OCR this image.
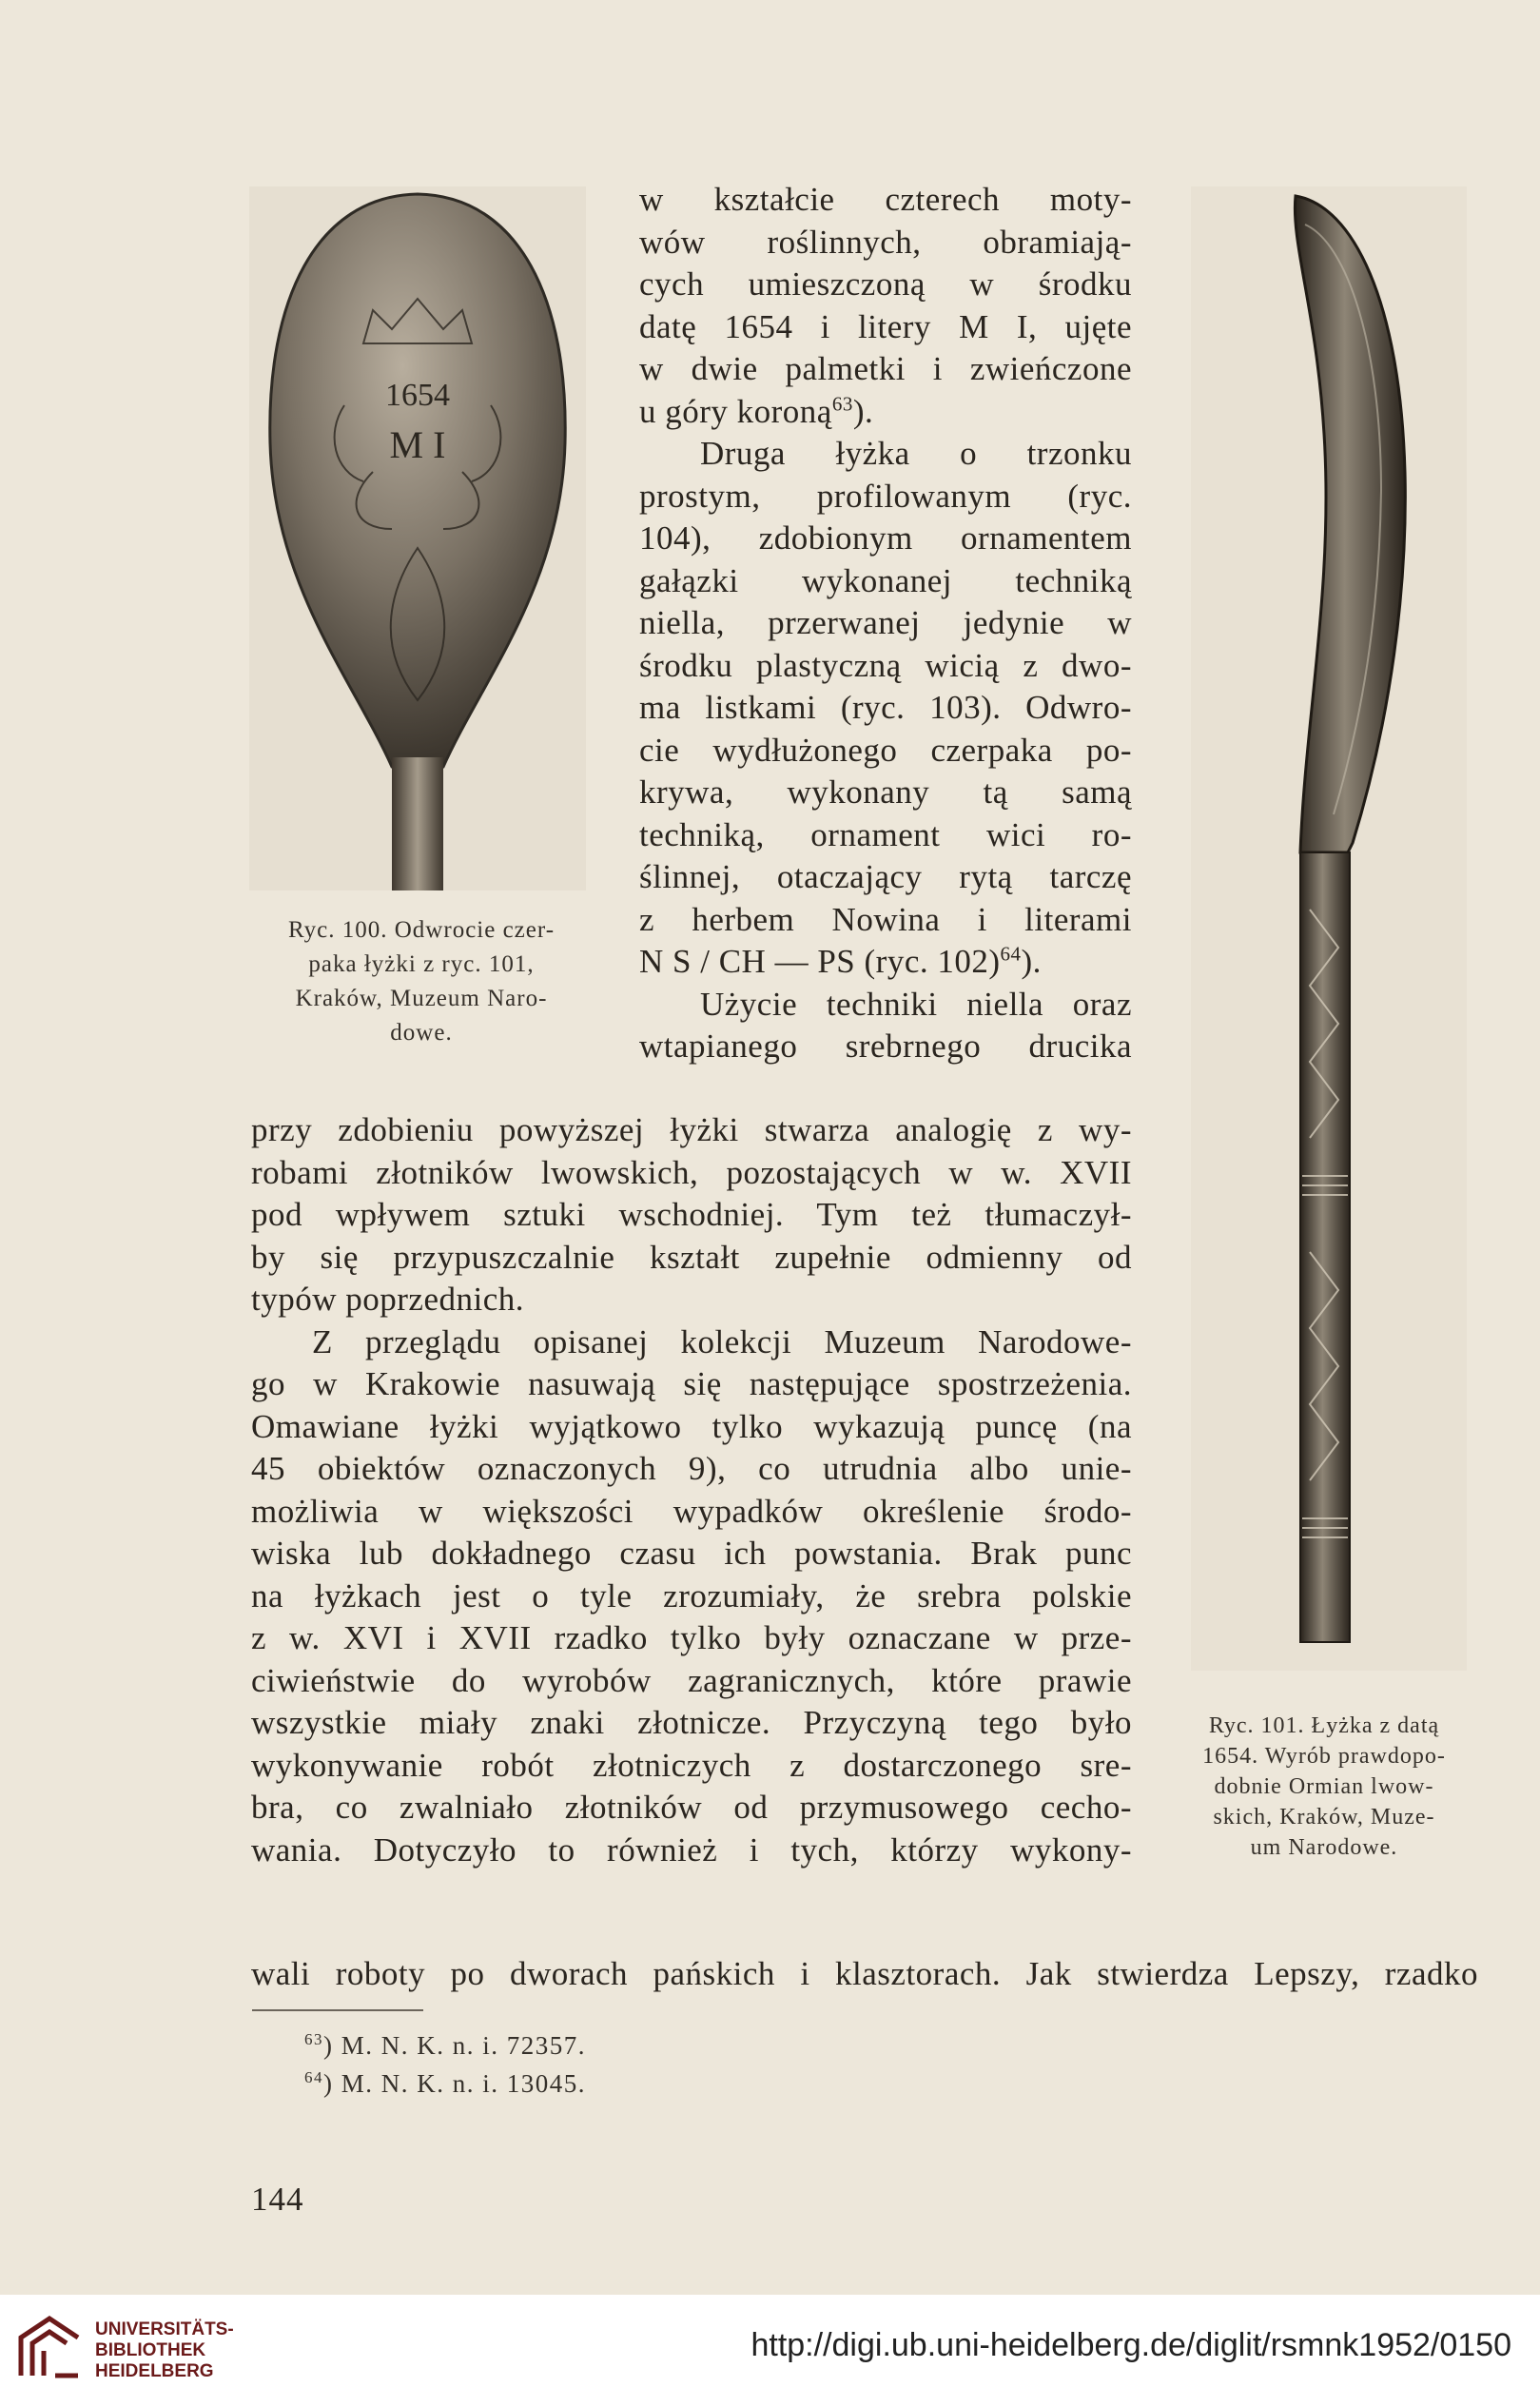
1654
M I
Ryc. 100. Odwrocie czer-
paka łyżki z ryc. 101,
Kraków, Muzeum Naro-
dowe.
Ryc. 101. Łyżka z datą
1654. Wyrób prawdopo-
dobnie Ormian lwow-
skich, Kraków, Muze-
um Narodowe.
w kształcie czterech moty-
wów roślinnych, obramiają-
cych umieszczoną w środku
datę 1654 i litery M I, ujęte
w dwie palmetki i zwieńczone
u góry koroną$^{63}$).
Druga łyżka o trzonku
prostym, profilowanym (ryc.
104), zdobionym ornamentem
gałązki wykonanej techniką
niella, przerwanej jedynie w
środku plastyczną wicią z dwo-
ma listkami (ryc. 103). Odwro-
cie wydłużonego czerpaka po-
krywa, wykonany tą samą
techniką, ornament wici ro-
ślinnej, otaczający rytą tarczę
z herbem Nowina i literami
N S / CH — PS (ryc. 102)$^{64}$).
Użycie techniki niella oraz
wtapianego srebrnego drucika
przy zdobieniu powyższej łyżki stwarza analogię z wy-
robami złotników lwowskich, pozostających w w. XVII
pod wpływem sztuki wschodniej. Tym też tłumaczył-
by się przypuszczalnie kształt zupełnie odmienny od
typów poprzednich.
Z przeglądu opisanej kolekcji Muzeum Narodowe-
go w Krakowie nasuwają się następujące spostrzeżenia.
Omawiane łyżki wyjątkowo tylko wykazują puncę (na
45 obiektów oznaczonych 9), co utrudnia albo unie-
możliwia w większości wypadków określenie środo-
wiska lub dokładnego czasu ich powstania. Brak punc
na łyżkach jest o tyle zrozumiały, że srebra polskie
z w. XVI i XVII rzadko tylko były oznaczane w prze-
ciwieństwie do wyrobów zagranicznych, które prawie
wszystkie miały znaki złotnicze. Przyczyną tego było
wykonywanie robót złotniczych z dostarczonego sre-
bra, co zwalniało złotników od przymusowego cecho-
wania. Dotyczyło to również i tych, którzy wykony-
wali roboty po dworach pańskich i klasztorach. Jak stwierdza Lepszy, rzadko
$^{63}$) M. N. K. n. i. 72357.
$^{64}$) M. N. K. n. i. 13045.
144
UNIVERSITÄTS-
BIBLIOTHEK
HEIDELBERG
http://digi.ub.uni-heidelberg.de/diglit/rsmnk1952/0150
